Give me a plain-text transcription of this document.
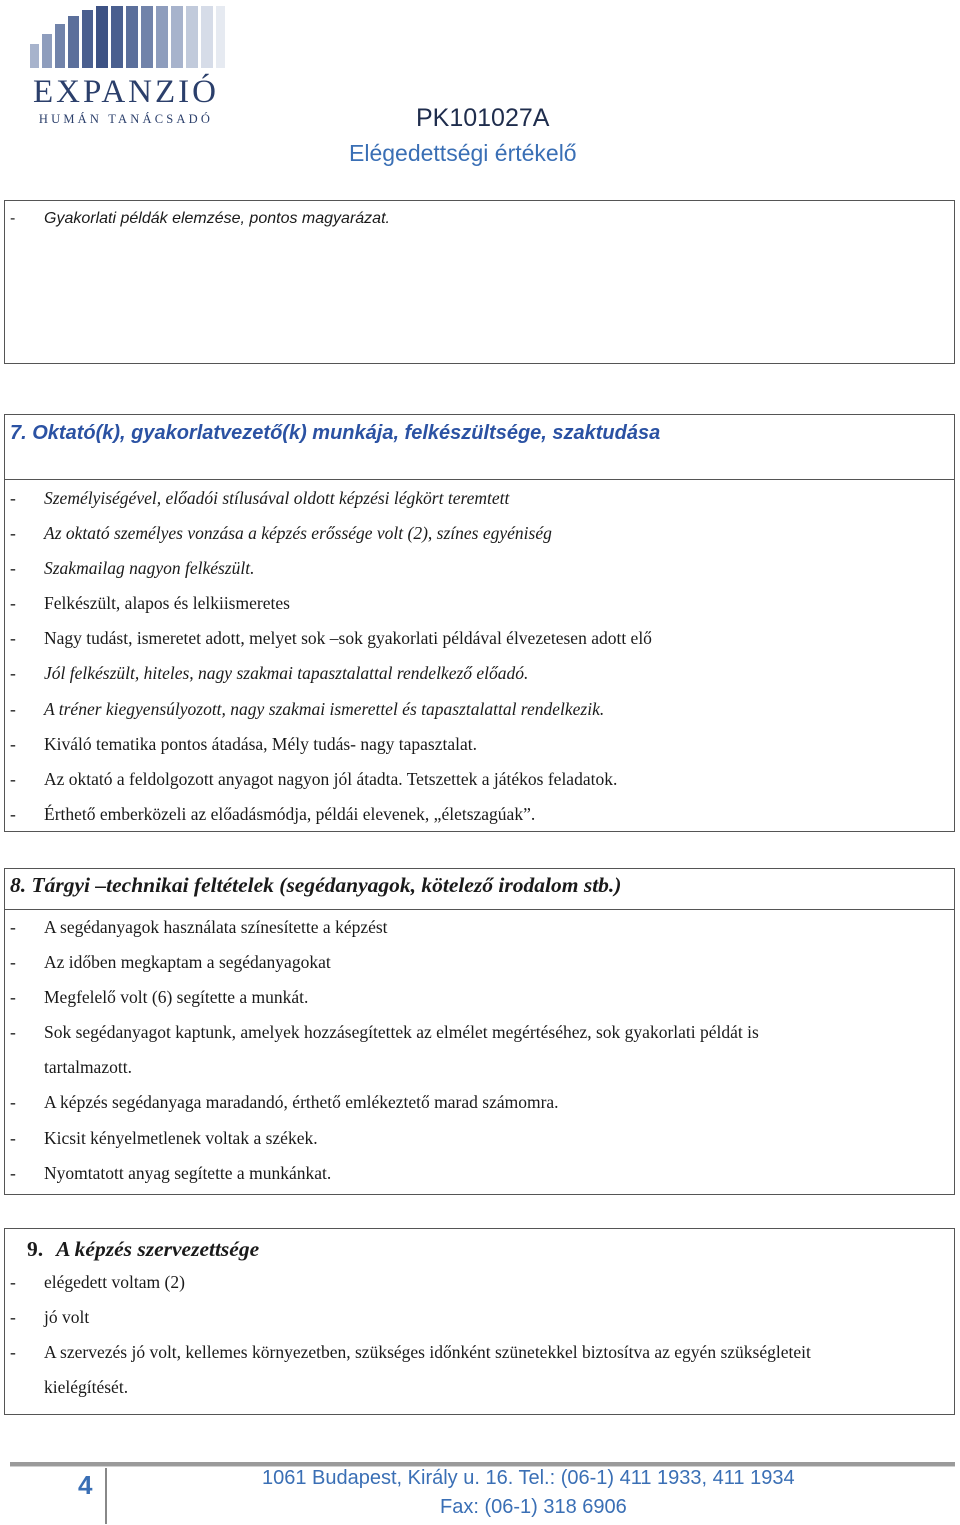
EXPANZIÓ
HUMÁN TANÁCSADÓ	PK101027A
Elégedettségi értékelő
- Gyakorlati példák elemzése, pontos magyarázat.
7. Oktató(k), gyakorlatvezető(k) munkája, felkészültsége, szaktudása
- Személyiségével, előadói stílusával oldott képzési légkört teremtett
- Az oktató személyes vonzása a képzés erőssége volt (2), színes egyéniség
- Szakmailag nagyon felkészült.
- Felkészült, alapos és lelkiismeretes
- Nagy tudást, ismeretet adott, melyet sok –sok gyakorlati példával élvezetesen adott elő
- Jól felkészült, hiteles, nagy szakmai tapasztalattal rendelkező előadó.
- A tréner kiegyensúlyozott, nagy szakmai ismerettel és tapasztalattal rendelkezik.
- Kiváló tematika pontos átadása, Mély tudás- nagy tapasztalat.
- Az oktató a feldolgozott anyagot nagyon jól átadta. Tetszettek a játékos feladatok.
- Érthető emberközeli az előadásmódja, példái elevenek, „életszagúak”.
8. Tárgyi –technikai feltételek (segédanyagok, kötelező irodalom stb.)
- A segédanyagok használata színesítette a képzést
- Az időben megkaptam a segédanyagokat
- Megfelelő volt (6) segítette a munkát.
- Sok segédanyagot kaptunk, amelyek hozzásegítettek az elmélet megértéséhez, sok gyakorlati példát is
tartalmazott.
- A képzés segédanyaga maradandó, érthető emlékeztető marad számomra.
- Kicsit kényelmetlenek voltak a székek.
- Nyomtatott anyag segítette a munkánkat.
9. A képzés szervezettsége
- elégedett voltam (2)
- jó volt
- A szervezés jó volt, kellemes környezetben, szükséges időnként szünetekkel biztosítva az egyén szükségleteit
kielégítését.
4	1061 Budapest, Király u. 16. Tel.: (06-1) 411 1933, 411 1934
Fax: (06-1) 318 6906
